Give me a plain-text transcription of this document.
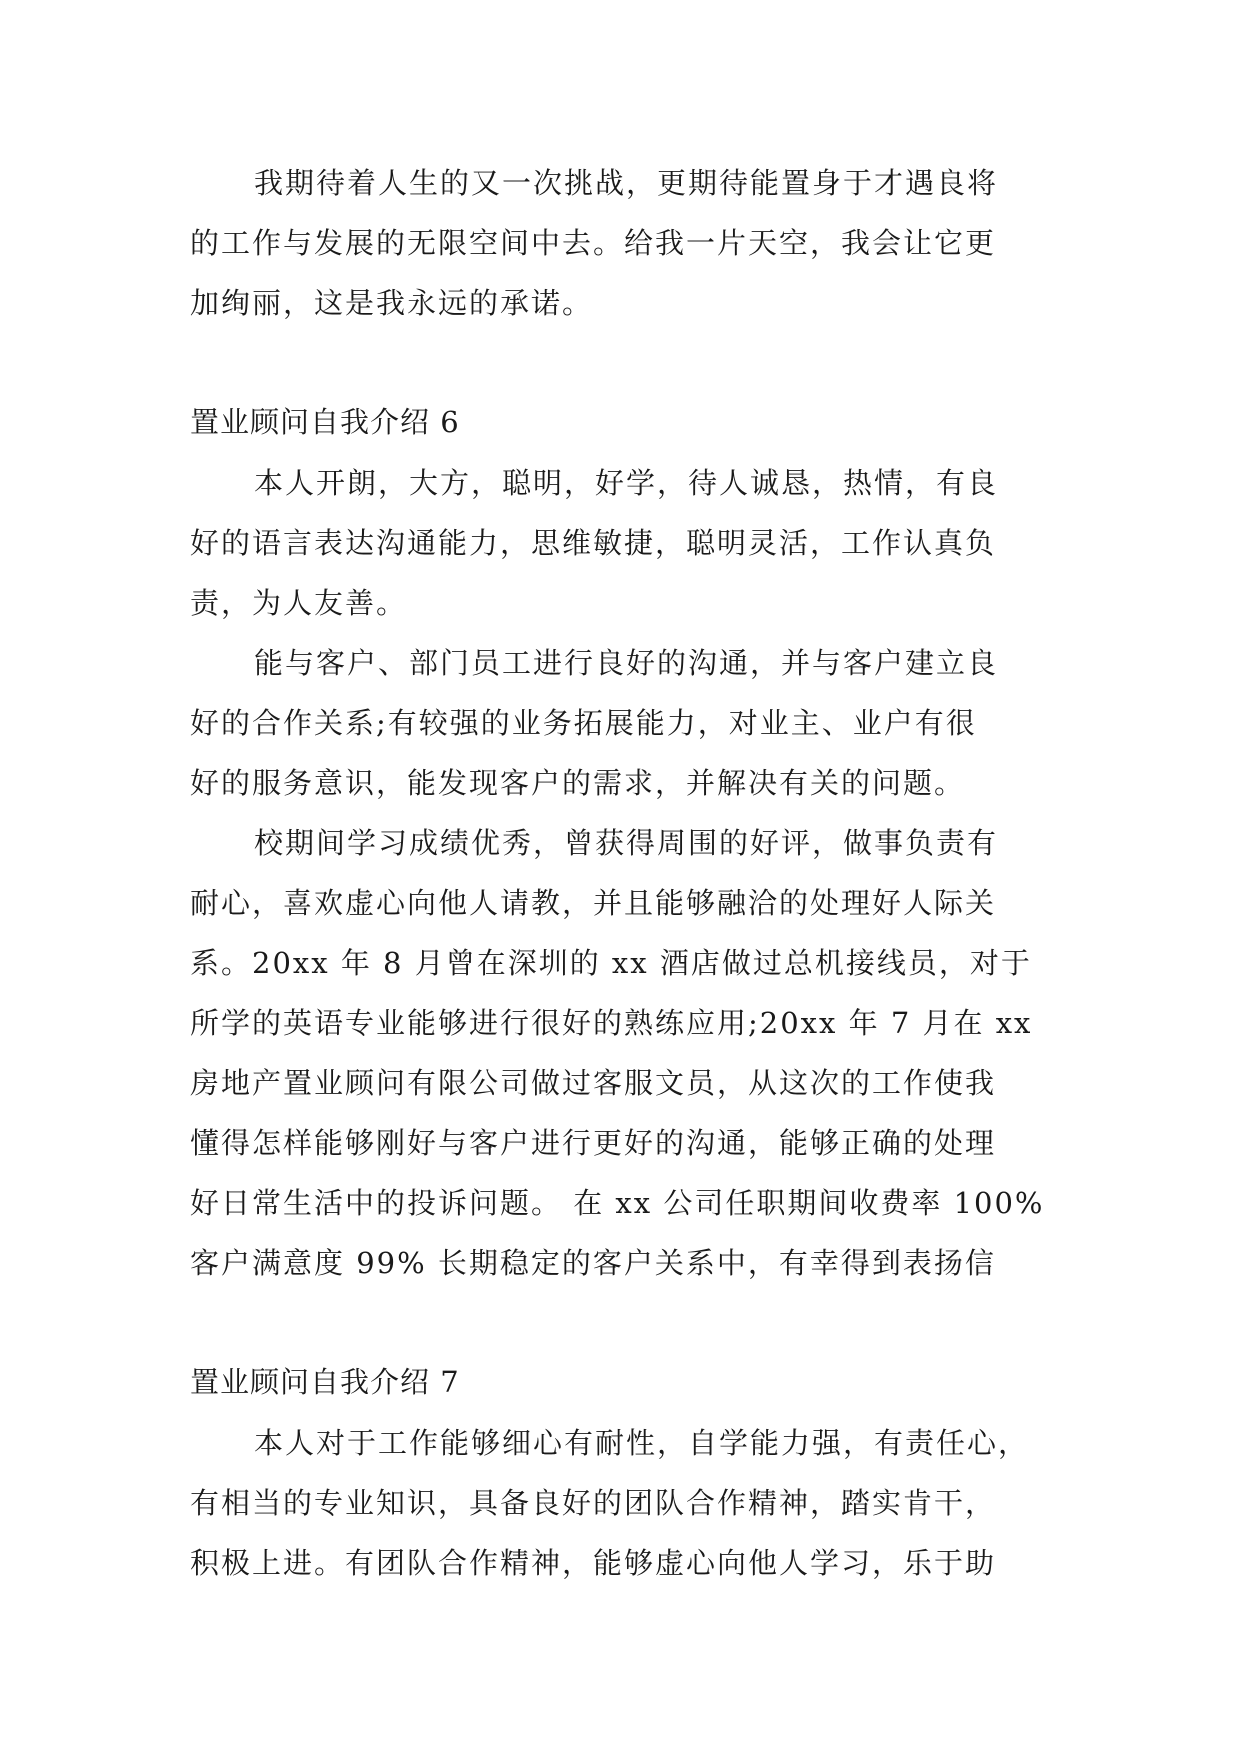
我期待着人生的又一次挑战，更期待能置身于才遇良将
的工作与发展的无限空间中去。给我一片天空，我会让它更
加绚丽，这是我永远的承诺。
置业顾问自我介绍 6
本人开朗，大方，聪明，好学，待人诚恳，热情，有良
好的语言表达沟通能力，思维敏捷，聪明灵活，工作认真负
责，为人友善。
能与客户、部门员工进行良好的沟通，并与客户建立良
好的合作关系;有较强的业务拓展能力，对业主、业户有很
好的服务意识，能发现客户的需求，并解决有关的问题。
校期间学习成绩优秀，曾获得周围的好评，做事负责有
耐心，喜欢虚心向他人请教，并且能够融洽的处理好人际关
系。20xx 年 8 月曾在深圳的 xx 酒店做过总机接线员，对于
所学的英语专业能够进行很好的熟练应用;20xx 年 7 月在 xx
房地产置业顾问有限公司做过客服文员，从这次的工作使我
懂得怎样能够刚好与客户进行更好的沟通，能够正确的处理
好日常生活中的投诉问题。 在 xx 公司任职期间收费率 100%
客户满意度 99% 长期稳定的客户关系中，有幸得到表扬信
置业顾问自我介绍 7
本人对于工作能够细心有耐性，自学能力强，有责任心，
有相当的专业知识，具备良好的团队合作精神，踏实肯干，
积极上进。有团队合作精神，能够虚心向他人学习，乐于助
